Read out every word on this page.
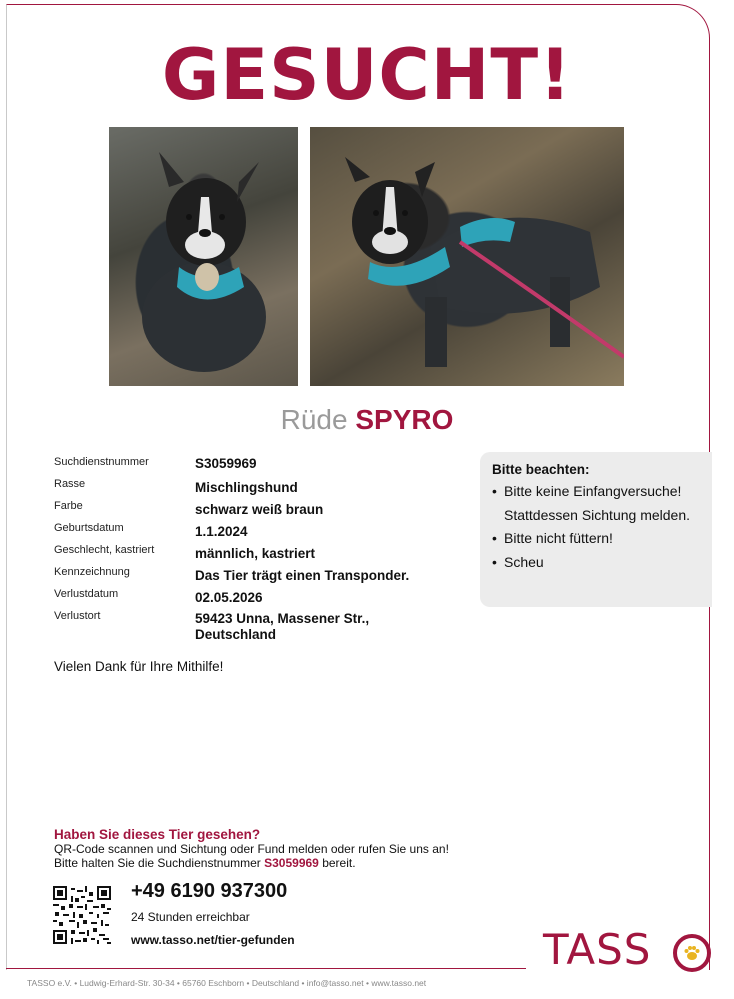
GESUCHT!
Rüde SPYRO
Suchdienstnummer	S3059969
Rasse	Mischlingshund
Farbe	schwarz weiß braun
Geburtsdatum	1.1.2024
Geschlecht, kastriert	männlich, kastriert
Kennzeichnung	Das Tier trägt einen Transponder.
Verlustdatum	02.05.2026
Verlustort	59423 Unna, Massener Str., Deutschland
Bitte beachten:
• Bitte keine Einfangversuche! Stattdessen Sichtung melden.
• Bitte nicht füttern!
• Scheu
Vielen Dank für Ihre Mithilfe!
Haben Sie dieses Tier gesehen?
QR-Code scannen und Sichtung oder Fund melden oder rufen Sie uns an!
Bitte halten Sie die Suchdienstnummer S3059969 bereit.
+49 6190 937300
24 Stunden erreichbar
www.tasso.net/tier-gefunden	TASS
TASSO e.V. • Ludwig-Erhard-Str. 30-34 • 65760 Eschborn • Deutschland • info@tasso.net • www.tasso.net
